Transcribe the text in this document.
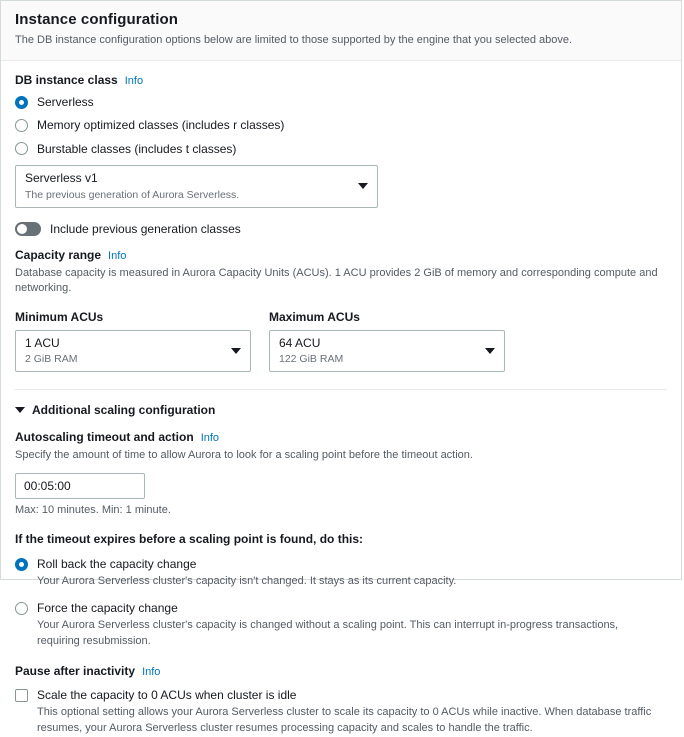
Instance configuration
The DB instance configuration options below are limited to those supported by the engine that you selected above.
DB instance class Info
Serverless
Memory optimized classes (includes r classes)
Burstable classes (includes t classes)
Serverless v1
The previous generation of Aurora Serverless.
Include previous generation classes
Capacity range Info
Database capacity is measured in Aurora Capacity Units (ACUs). 1 ACU provides 2 GiB of memory and corresponding compute and networking.
Minimum ACUs
1 ACU
2 GiB RAM
Maximum ACUs
64 ACU
122 GiB RAM
Additional scaling configuration
Autoscaling timeout and action Info
Specify the amount of time to allow Aurora to look for a scaling point before the timeout action.
00:05:00
Max: 10 minutes. Min: 1 minute.
If the timeout expires before a scaling point is found, do this:
Roll back the capacity change
Your Aurora Serverless cluster's capacity isn't changed. It stays as its current capacity.
Force the capacity change
Your Aurora Serverless cluster's capacity is changed without a scaling point. This can interrupt in-progress transactions, requiring resubmission.
Pause after inactivity Info
Scale the capacity to 0 ACUs when cluster is idle
This optional setting allows your Aurora Serverless cluster to scale its capacity to 0 ACUs while inactive. When database traffic resumes, your Aurora Serverless cluster resumes processing capacity and scales to handle the traffic.
